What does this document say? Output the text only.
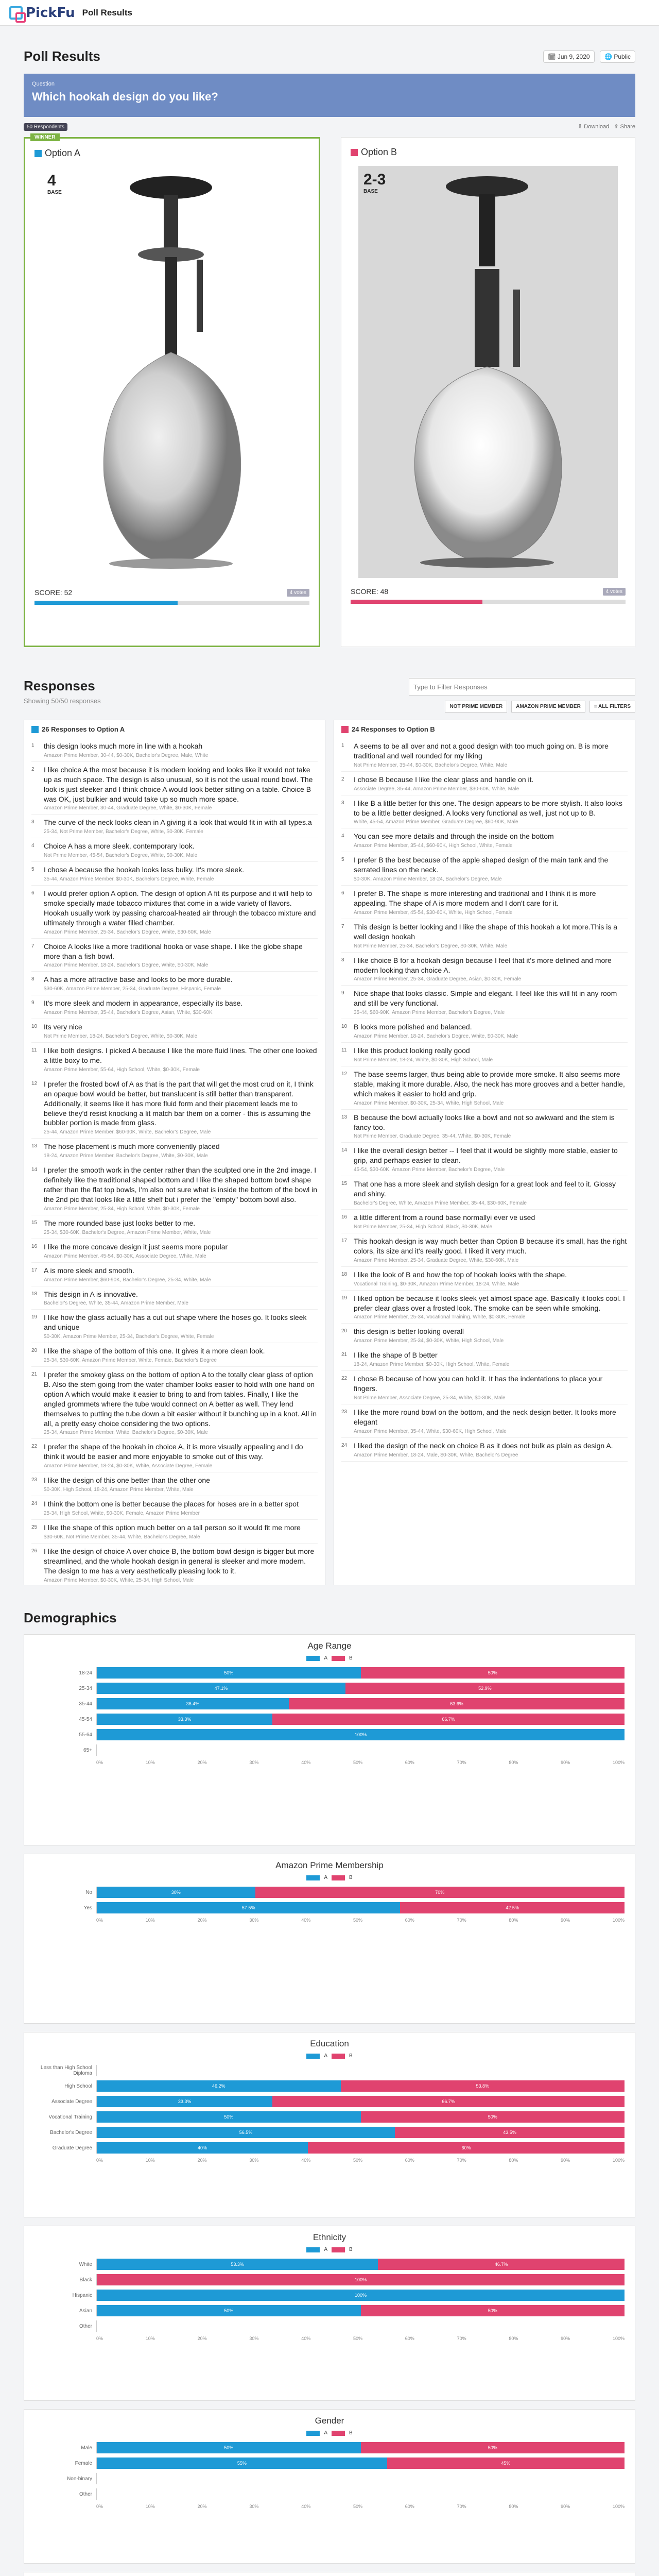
PickFu Poll Results
Poll Results	🗓 Jun 9, 2020 🌐 Public
Question
Which hookah design do you like?
50 Respondents	⇩ Download ⇪ Share
WINNER
Option A
4
BASE
SCORE: 52	4 votes
Option B
2-3
BASE
SCORE: 48	4 votes
Responses
Showing 50/50 responses
Type to Filter Responses
NOT PRIME MEMBER	AMAZON PRIME MEMBER	≡ ALL FILTERS
26 Responses to Option A
1	this design looks much more in line with a hookah
Amazon Prime Member, 30-44, $0-30K, Bachelor's Degree, Male, White
2	I like choice A the most because it is modern looking and looks like it would not take up as much space. The design is also unusual, so it is not the usual round bowl. The look is just sleeker and I think choice A would look better sitting on a table. Choice B was OK, just bulkier and would take up so much more space.
Amazon Prime Member, 30-44, Graduate Degree, White, $0-30K, Female
3	The curve of the neck looks clean in A giving it a look that would fit in with all types.a
25-34, Not Prime Member, Bachelor's Degree, White, $0-30K, Female
4	Choice A has a more sleek, contemporary look.
Not Prime Member, 45-54, Bachelor's Degree, White, $0-30K, Male
5	I chose A because the hookah looks less bulky. It's more sleek.
35-44, Amazon Prime Member, $0-30K, Bachelor's Degree, White, Female
6	I would prefer option A option. The design of option A fit its purpose and it will help to smoke specially made tobacco mixtures that come in a wide variety of flavors. Hookah usually work by passing charcoal-heated air through the tobacco mixture and ultimately through a water filled chamber.
Amazon Prime Member, 25-34, Bachelor's Degree, White, $30-60K, Male
7	Choice A looks like a more traditional hooka or vase shape. I like the globe shape more than a fish bowl.
Amazon Prime Member, 18-24, Bachelor's Degree, White, $0-30K, Male
8	A has a more attractive base and looks to be more durable.
$30-60K, Amazon Prime Member, 25-34, Graduate Degree, Hispanic, Female
9	It's more sleek and modern in appearance, especially its base.
Amazon Prime Member, 35-44, Bachelor's Degree, Asian, White, $30-60K
10 Its very nice
Not Prime Member, 18-24, Bachelor's Degree, White, $0-30K, Male
11 I like both designs. I picked A because I like the more fluid lines. The other one looked a little boxy to me.
Amazon Prime Member, 55-64, High School, White, $0-30K, Female
12 I prefer the frosted bowl of A as that is the part that will get the most crud on it, I think an opaque bowl would be better, but translucent is still better than transparent. Additionally, it seems like it has more fluid form and their placement leads me to believe they'd resist knocking a lit match bar them on a corner - this is assuming the bubbler portion is made from glass.
25-44, Amazon Prime Member, $60-90K, White, Bachelor's Degree, Male
13 The hose placement is much more conveniently placed
18-24, Amazon Prime Member, Bachelor's Degree, White, $0-30K, Male
14 I prefer the smooth work in the center rather than the sculpted one in the 2nd image. I definitely like the traditional shaped bottom and I like the shaped bottom bowl shape rather than the flat top bowls, I'm also not sure what is inside the bottom of the bowl in the 2nd pic that looks like a little shelf but i prefer the "empty" bottom bowl also.
Amazon Prime Member, 25-34, High School, White, $0-30K, Female
15 The more rounded base just looks better to me.
25-34, $30-60K, Bachelor's Degree, Amazon Prime Member, White, Male
16 I like the more concave design it just seems more popular
Amazon Prime Member, 45-54, $0-30K, Associate Degree, White, Male
17 A is more sleek and smooth.
Amazon Prime Member, $60-90K, Bachelor's Degree, 25-34, White, Male
18 This design in A is innovative.
Bachelor's Degree, White, 35-44, Amazon Prime Member, Male
19 I like how the glass actually has a cut out shape where the hoses go. It looks sleek and unique
$0-30K, Amazon Prime Member, 25-34, Bachelor's Degree, White, Female
20 I like the shape of the bottom of this one. It gives it a more clean look.
25-34, $30-60K, Amazon Prime Member, White, Female, Bachelor's Degree
21 I prefer the smokey glass on the bottom of option A to the totally clear glass of option B. Also the stem going from the water chamber looks easier to hold with one hand on option A which would make it easier to bring to and from tables. Finally, I like the angled grommets where the tube would connect on A better as well. They lend themselves to putting the tube down a bit easier without it bunching up in a knot. All in all, a pretty easy choice considering the two options.
25-34, Amazon Prime Member, White, Bachelor's Degree, $0-30K, Male
22 I prefer the shape of the hookah in choice A, it is more visually appealing and I do think it would be easier and more enjoyable to smoke out of this way.
Amazon Prime Member, 18-24, $0-30K, White, Associate Degree, Female
23 I like the design of this one better than the other one
$0-30K, High School, 18-24, Amazon Prime Member, White, Male
24 I think the bottom one is better because the places for hoses are in a better spot
25-34, High School, White, $0-30K, Female, Amazon Prime Member
25 I like the shape of this option much better on a tall person so it would fit me more
$30-60K, Not Prime Member, 35-44, White, Bachelor's Degree, Male
26 I like the design of choice A over choice B, the bottom bowl design is bigger but more streamlined, and the whole hookah design in general is sleeker and more modern. The design to me has a very aesthetically pleasing look to it.
Amazon Prime Member, $0-30K, White, 25-34, High School, Male
24 Responses to Option B
1	A seems to be all over and not a good design with too much going on. B is more traditional and well rounded for my liking
Not Prime Member, 35-44, $0-30K, Bachelor's Degree, White, Male
2	I chose B because I like the clear glass and handle on it.
Associate Degree, 35-44, Amazon Prime Member, $30-60K, White, Male
3	I like B a little better for this one. The design appears to be more stylish. It also looks to be a little better designed. A looks very functional as well, just not up to B.
White, 45-54, Amazon Prime Member, Graduate Degree, $60-90K, Male
4	You can see more details and through the inside on the bottom
Amazon Prime Member, 35-44, $60-90K, High School, White, Female
5	I prefer B the best because of the apple shaped design of the main tank and the serrated lines on the neck.
$0-30K, Amazon Prime Member, 18-24, Bachelor's Degree, Male
6	I prefer B. The shape is more interesting and traditional and I think it is more appealing. The shape of A is more modern and I don't care for it.
Amazon Prime Member, 45-54, $30-60K, White, High School, Female
7	This design is better looking and I like the shape of this hookah a lot more.This is a well design hookah
Not Prime Member, 25-34, Bachelor's Degree, $0-30K, White, Male
8	I like choice B for a hookah design because I feel that it's more defined and more modern looking than choice A.
Amazon Prime Member, 25-34, Graduate Degree, Asian, $0-30K, Female
9	Nice shape that looks classic. Simple and elegant. I feel like this will fit in any room and still be very functional.
35-44, $60-90K, Amazon Prime Member, Bachelor's Degree, Male
10 B looks more polished and balanced.
Amazon Prime Member, 18-24, Bachelor's Degree, White, $0-30K, Male
11 I like this product looking really good
Not Prime Member, 18-24, White, $0-30K, High School, Male
12 The base seems larger, thus being able to provide more smoke. It also seems more stable, making it more durable. Also, the neck has more grooves and a better handle, which makes it easier to hold and grip.
Amazon Prime Member, $0-30K, 25-34, White, High School, Male
13 B because the bowl actually looks like a bowl and not so awkward and the stem is fancy too.
Not Prime Member, Graduate Degree, 35-44, White, $0-30K, Female
14 I like the overall design better -- I feel that it would be slightly more stable, easier to grip, and perhaps easier to clean.
45-54, $30-60K, Amazon Prime Member, Bachelor's Degree, Male
15 That one has a more sleek and stylish design for a great look and feel to it. Glossy and shiny.
Bachelor's Degree, White, Amazon Prime Member, 35-44, $30-60K, Female
16 a little different from a round base normallyi ever ve used
Not Prime Member, 25-34, High School, Black, $0-30K, Male
17 This hookah design is way much better than Option B because it's small, has the right colors, its size and it's really good. I liked it very much.
Amazon Prime Member, 25-34, Graduate Degree, White, $30-60K, Male
18 I like the look of B and how the top of hookah looks with the shape.
Vocational Training, $0-30K, Amazon Prime Member, 18-24, White, Male
19 I liked option be because it looks sleek yet almost space age. Basically it looks cool. I prefer clear glass over a frosted look. The smoke can be seen while smoking.
Amazon Prime Member, 25-34, Vocational Training, White, $0-30K, Female
20 this design is better looking overall
Amazon Prime Member, 25-34, $0-30K, White, High School, Male
21 I like the shape of B better
18-24, Amazon Prime Member, $0-30K, High School, White, Female
22 I chose B because of how you can hold it. It has the indentations to place your fingers.
Not Prime Member, Associate Degree, 25-34, White, $0-30K, Male
23 I like the more round bowl on the bottom, and the neck design better. It looks more elegant
Amazon Prime Member, 35-44, White, $30-60K, High School, Male
24 I liked the design of the neck on choice B as it does not bulk as plain as design A.
Amazon Prime Member, 18-24, Male, $0-30K, White, Bachelor's Degree
Demographics
Age Range
A	B
18-24	50%	50%
25-34	47.1%	52.9%
35-44	36.4%	63.6%
45-54	33.3%	66.7%
55-64	100%
65+
0%	10%	20%	30%	40%	50%	60%	70%	80%	90%	100%
Amazon Prime Membership
A	B
No	30%	70%
Yes	57.5%	42.5%
0%	10%	20%	30%	40%	50%	60%	70%	80%	90%	100%
Education
A	B
Less than High School Diploma
High School	46.2%	53.8%
Associate Degree	33.3%	66.7%
Vocational Training	50%	50%
Bachelor's Degree	56.5%	43.5%
Graduate Degree	40%	60%
0%	10%	20%	30%	40%	50%	60%	70%	80%	90%	100%
Ethnicity
A	B
White	53.3%	46.7%
Black	100%
Hispanic	100%
Asian	50%	50%
Other
0%	10%	20%	30%	40%	50%	60%	70%	80%	90%	100%
Gender
A	B
Male	50%	50%
Female	55%	45%
Non-binary
Other
0%	10%	20%	30%	40%	50%	60%	70%	80%	90%	100%
